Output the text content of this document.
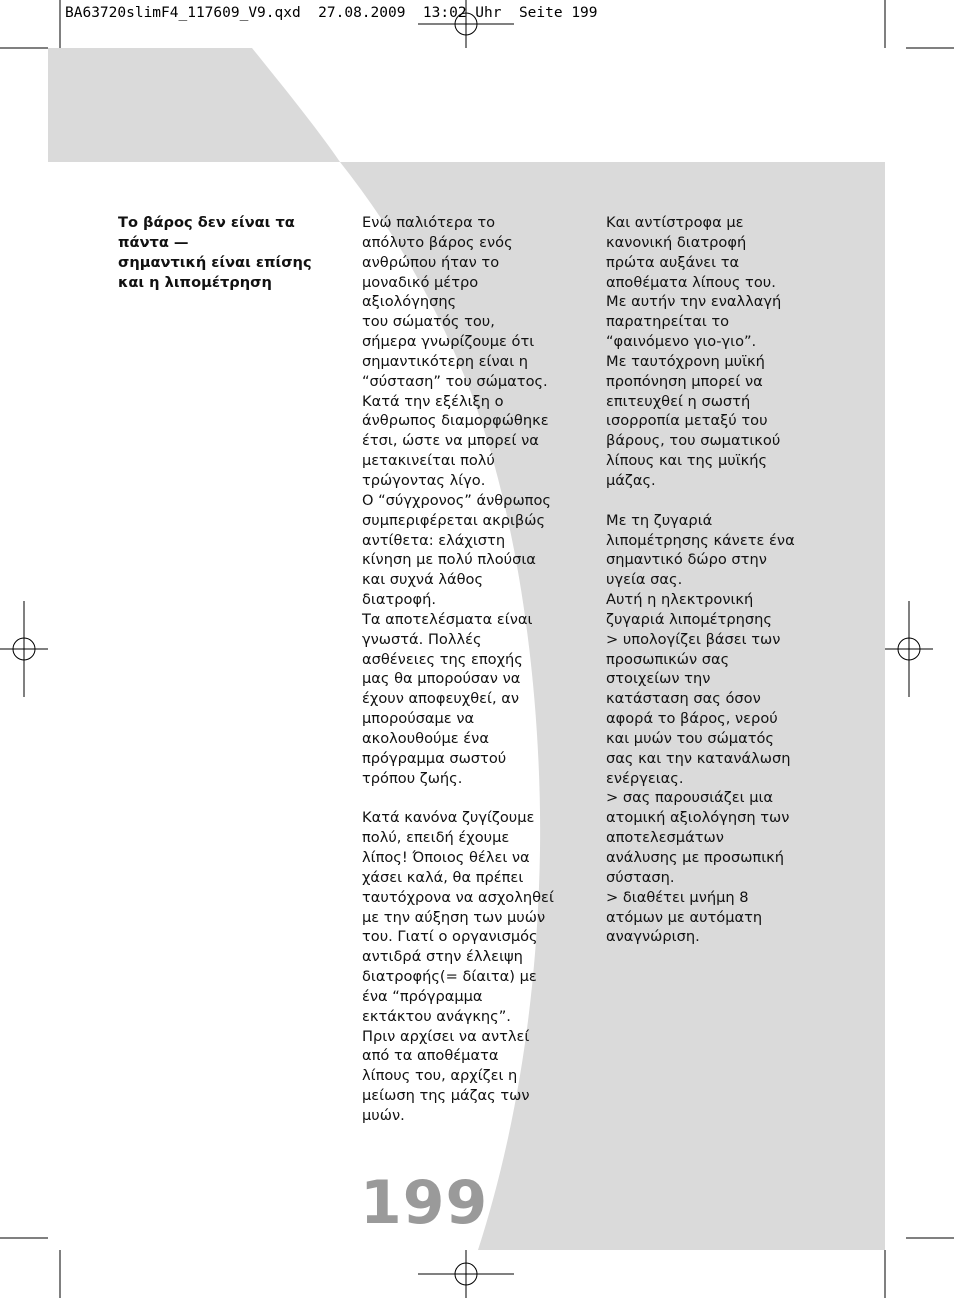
BA63720slimF4_117609_V9.qxd  27.08.2009  13:02 Uhr  Seite 199

Το βάρος δεν είναι τα

πάντα —

σημαντική είναι επίσης

και η λιπομέτρηση

Ενώ παλιότερα το

απόλυτο βάρος ενός

ανθρώπου ήταν το

μοναδικό μέτρο

αξιολόγησης

του σώματός του,

σήμερα γνωρίζουμε ότι

σημαντικότερη είναι η

“σύσταση” του σώματος.

Κατά την εξέλιξη ο

άνθρωπος διαμορφώθηκε

έτσι, ώστε να μπορεί να

μετακινείται πολύ

τρώγοντας λίγο.

Ο “σύγχρονος” άνθρωπος

συμπεριφέρεται ακριβώς

αντίθετα: ελάχιστη

κίνηση με πολύ πλούσια

και συχνά λάθος

διατροφή.

Τα αποτελέσματα είναι

γνωστά. Πολλές

ασθένειες της εποχής

μας θα μπορούσαν να

έχουν αποφευχθεί, αν

μπορούσαμε να

ακολουθούμε ένα

πρόγραμμα σωστού

τρόπου ζωής.

Κατά κανόνα ζυγίζουμε

πολύ, επειδή έχουμε

λίπος! Όποιος θέλει να

χάσει καλά, θα πρέπει

ταυτόχρονα να ασχοληθεί

με την αύξηση των μυών

του. Γιατί ο οργανισμός

αντιδρά στην έλλειψη

διατροφής(= δίαιτα) με

ένα “πρόγραμμα

εκτάκτου ανάγκης”.

Πριν αρχίσει να αντλεί

από τα αποθέματα

λίπους του, αρχίζει η

μείωση της μάζας των

μυών.

Και αντίστροφα με

κανονική διατροφή

πρώτα αυξάνει τα

αποθέματα λίπους του.

Με αυτήν την εναλλαγή

παρατηρείται το

“φαινόμενο γιο-γιο”.

Με ταυτόχρονη μυϊκή

προπόνηση μπορεί να

επιτευχθεί η σωστή

ισορροπία μεταξύ του

βάρους, του σωματικού

λίπους και της μυϊκής

μάζας.

Με τη ζυγαριά

λιπομέτρησης κάνετε ένα

σημαντικό δώρο στην

υγεία σας.

Αυτή η ηλεκτρονική

ζυγαριά λιπομέτρησης

> υπολογίζει βάσει των

προσωπικών σας

στοιχείων την

κατάσταση σας όσον

αφορά το βάρος, νερού

και μυών του σώματός

σας και την κατανάλωση

ενέργειας.

> σας παρουσιάζει μια

ατομική αξιολόγηση των

αποτελεσμάτων

ανάλυσης με προσωπική

σύσταση.

> διαθέτει μνήμη 8

ατόμων με αυτόματη

αναγνώριση.

199
